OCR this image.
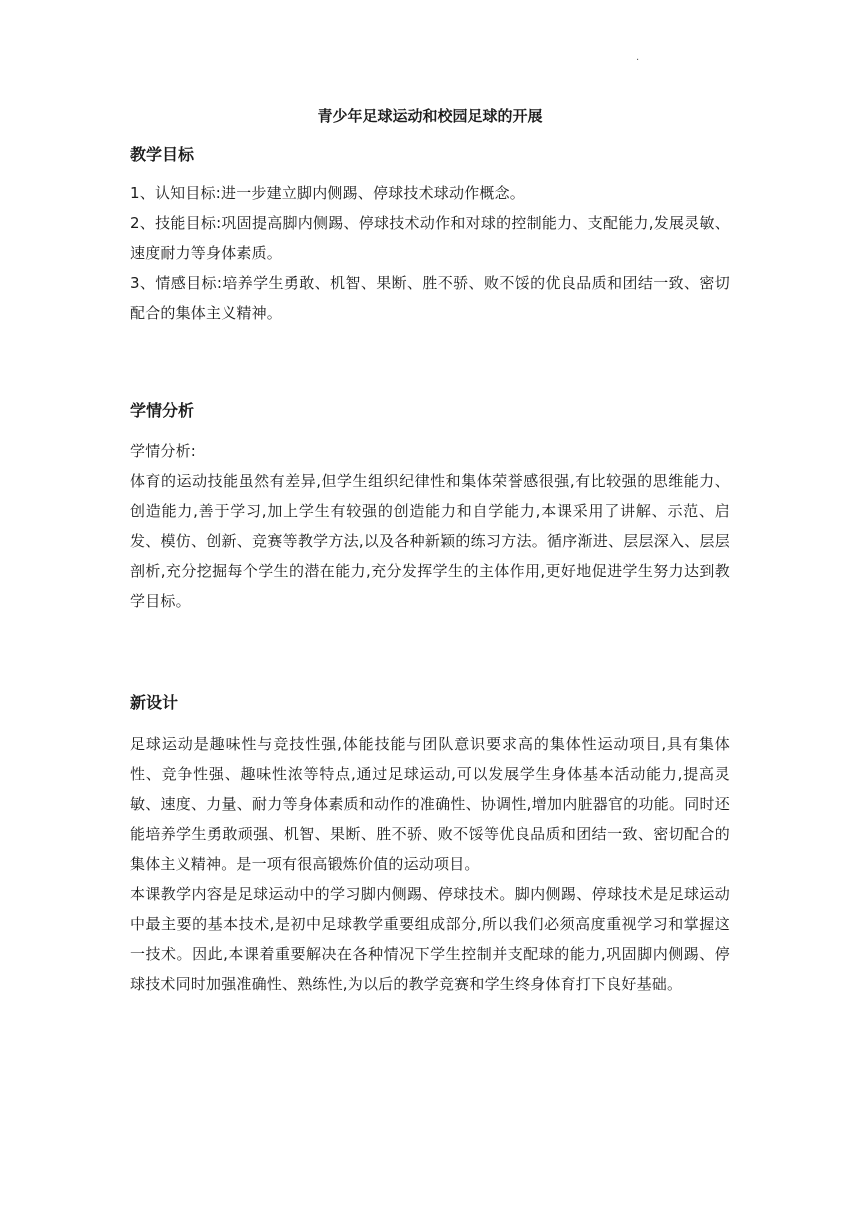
·
青少年足球运动和校园足球的开展
教学目标

1、认知目标:进一步建立脚内侧踢、停球技术球动作概念。

2、技能目标:巩固提高脚内侧踢、停球技术动作和对球的控制能力、支配能力,发展灵敏、速度耐力等身体素质。

3、情感目标:培养学生勇敢、机智、果断、胜不骄、败不馁的优良品质和团结一致、密切配合的集体主义精神。

学情分析

学情分析:

体育的运动技能虽然有差异,但学生组织纪律性和集体荣誉感很强,有比较强的思维能力、创造能力,善于学习,加上学生有较强的创造能力和自学能力,本课采用了讲解、示范、启发、模仿、创新、竞赛等教学方法,以及各种新颖的练习方法。循序渐进、层层深入、层层剖析,充分挖掘每个学生的潜在能力,充分发挥学生的主体作用,更好地促进学生努力达到教学目标。

新设计

足球运动是趣味性与竞技性强,体能技能与团队意识要求高的集体性运动项目,具有集体性、竞争性强、趣味性浓等特点,通过足球运动,可以发展学生身体基本活动能力,提高灵敏、速度、力量、耐力等身体素质和动作的准确性、协调性,增加内脏器官的功能。同时还能培养学生勇敢顽强、机智、果断、胜不骄、败不馁等优良品质和团结一致、密切配合的集体主义精神。是一项有很高锻炼价值的运动项目。

本课教学内容是足球运动中的学习脚内侧踢、停球技术。脚内侧踢、停球技术是足球运动中最主要的基本技术,是初中足球教学重要组成部分,所以我们必须高度重视学习和掌握这一技术。因此,本课着重要解决在各种情况下学生控制并支配球的能力,巩固脚内侧踢、停球技术同时加强准确性、熟练性,为以后的教学竞赛和学生终身体育打下良好基础。
